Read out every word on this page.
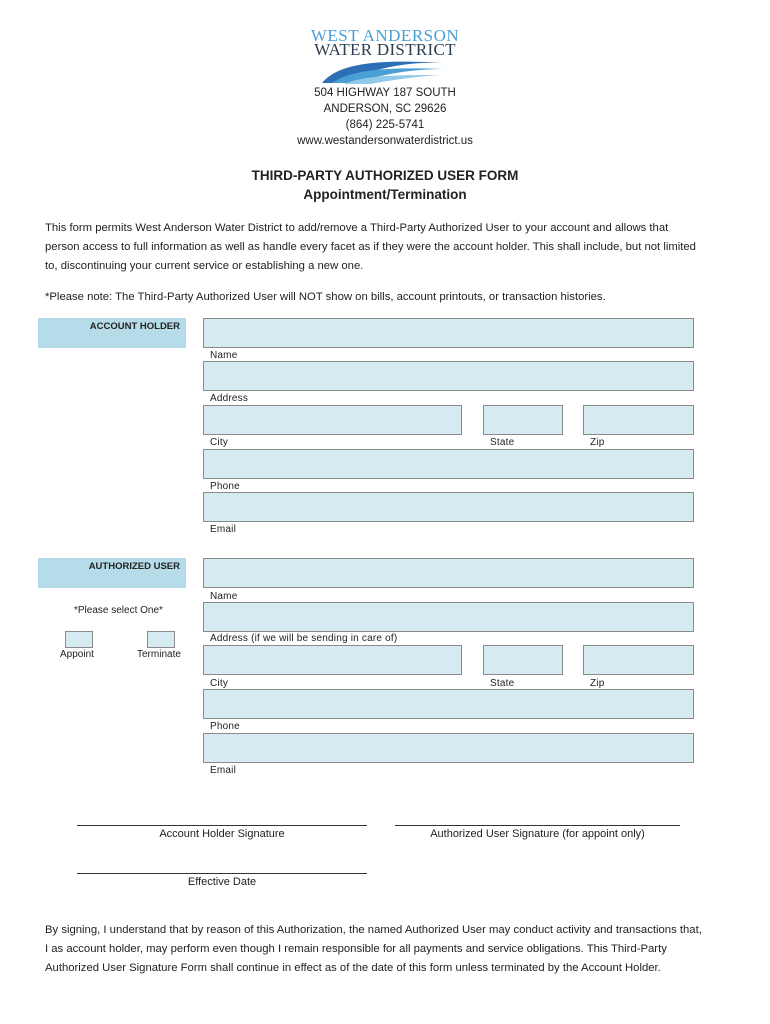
WEST ANDERSON
WATER DISTRICT
504 HIGHWAY 187 SOUTH
ANDERSON, SC 29626
(864) 225-5741
www.westandersonwaterdistrict.us
THIRD-PARTY AUTHORIZED USER FORM
Appointment/Termination
This form permits West Anderson Water District to add/remove a Third-Party Authorized User to your account and allows that
person access to full information as well as handle every facet as if they were the account holder. This shall include, but not limited
to, discontinuing your current service or establishing a new one.
*Please note: The Third-Party Authorized User will NOT show on bills, account printouts, or transaction histories.
ACCOUNT HOLDER
Name
Address
City	State	Zip
Phone
Email
AUTHORIZED USER
*Please select One*
Appoint	Terminate
Name
Address (if we will be sending in care of)
City	State	Zip
Phone
Email
Account Holder Signature	Authorized User Signature (for appoint only)
Effective Date
By signing, I understand that by reason of this Authorization, the named Authorized User may conduct activity and transactions that,
I as account holder, may perform even though I remain responsible for all payments and service obligations. This Third-Party
Authorized User Signature Form shall continue in effect as of the date of this form unless terminated by the Account Holder.
